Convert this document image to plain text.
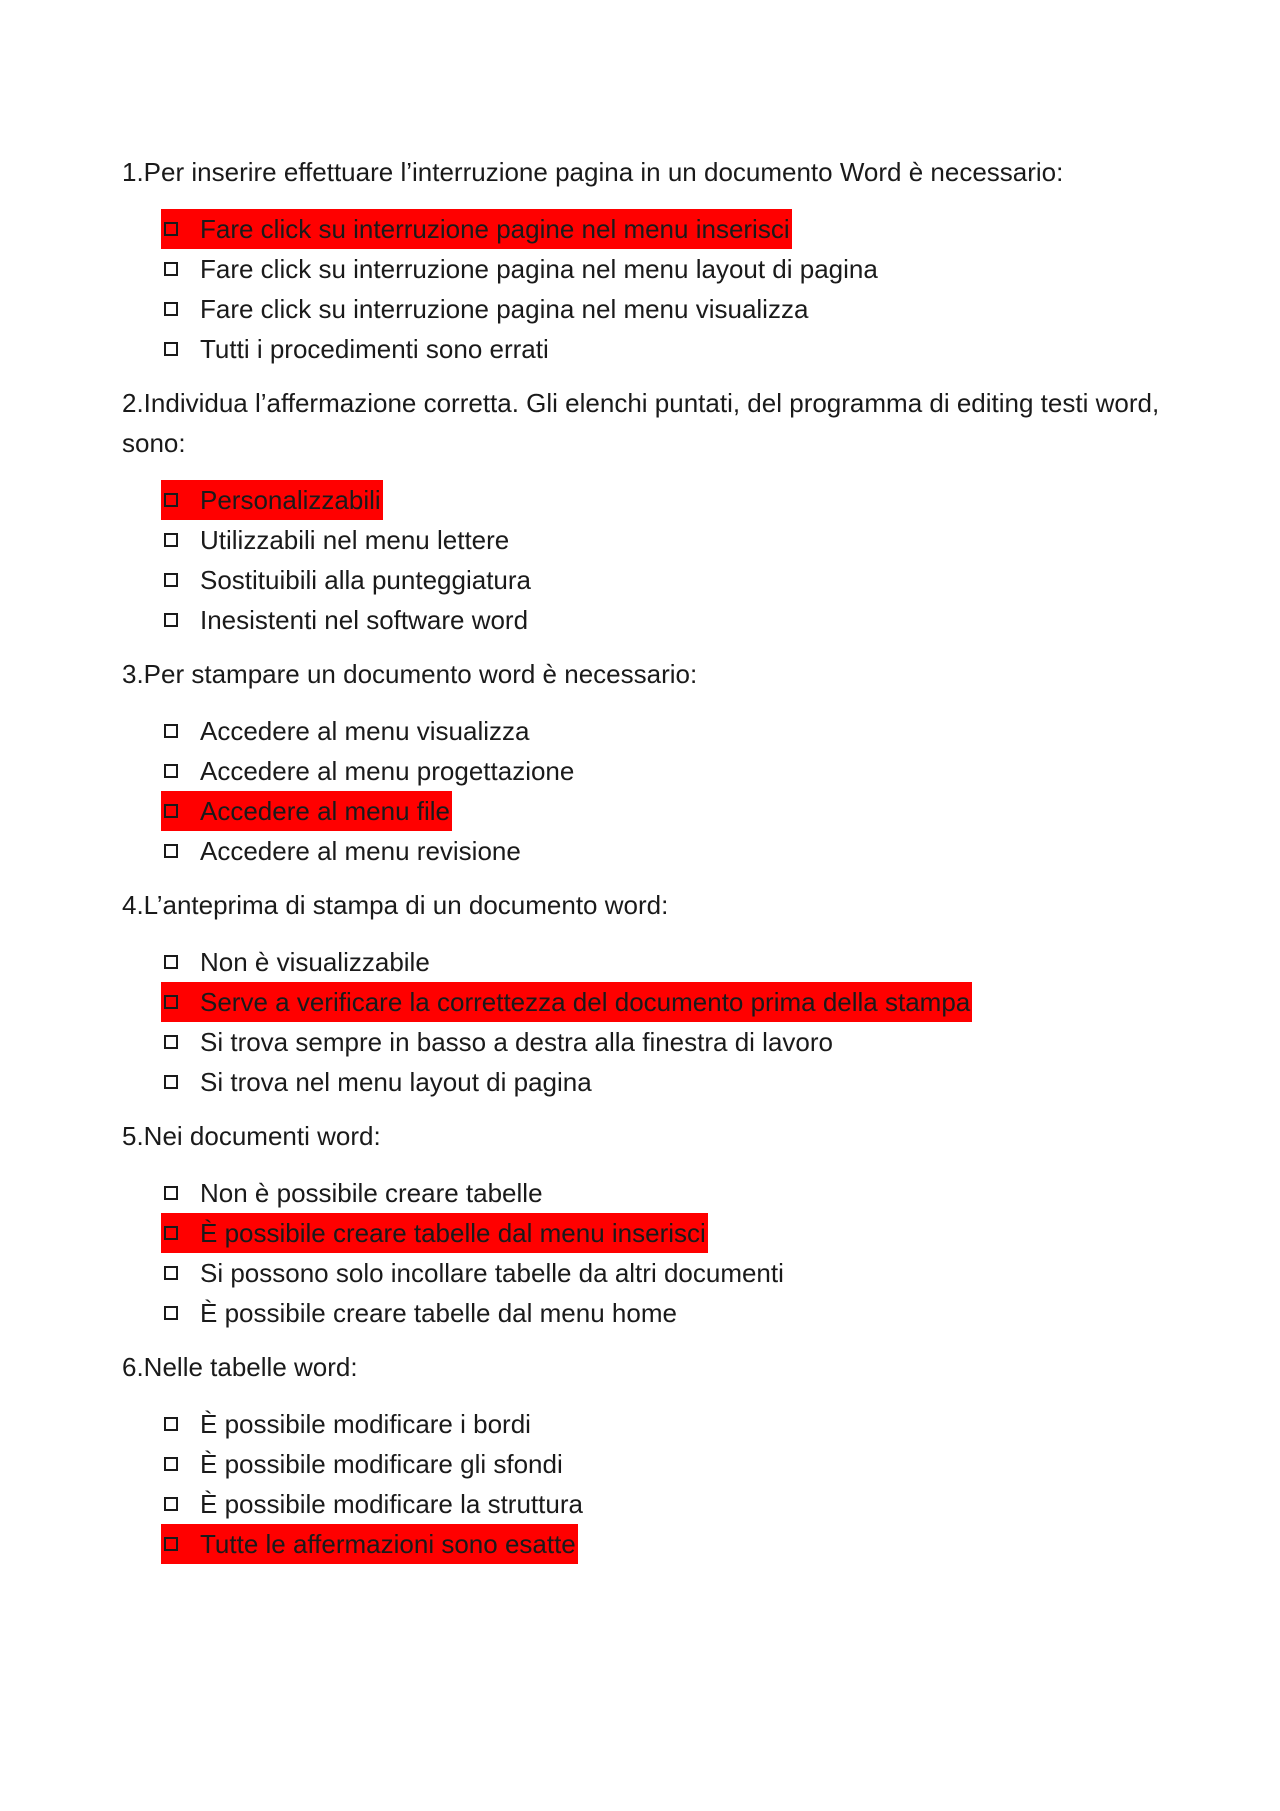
1.Per inserire effettuare l’interruzione pagina in un documento Word è necessario:

Fare click su interruzione pagine nel menu inserisci
Fare click su interruzione pagina nel menu layout di pagina
Fare click su interruzione pagina nel menu visualizza
Tutti i procedimenti sono errati

2.Individua l’affermazione corretta. Gli elenchi puntati, del programma di editing testi word, sono:

Personalizzabili
Utilizzabili nel menu lettere
Sostituibili alla punteggiatura
Inesistenti nel software word

3.Per stampare un documento word è necessario:

Accedere al menu visualizza
Accedere al menu progettazione
Accedere al menu file
Accedere al menu revisione

4.L’anteprima di stampa di un documento word:

Non è visualizzabile
Serve a verificare la correttezza del documento prima della stampa
Si trova sempre in basso a destra alla finestra di lavoro
Si trova nel menu layout di pagina

5.Nei documenti word:

Non è possibile creare tabelle
È possibile creare tabelle dal menu inserisci
Si possono solo incollare tabelle da altri documenti
È possibile creare tabelle dal menu home

6.Nelle tabelle word:

È possibile modificare i bordi
È possibile modificare gli sfondi
È possibile modificare la struttura
Tutte le affermazioni sono esatte
